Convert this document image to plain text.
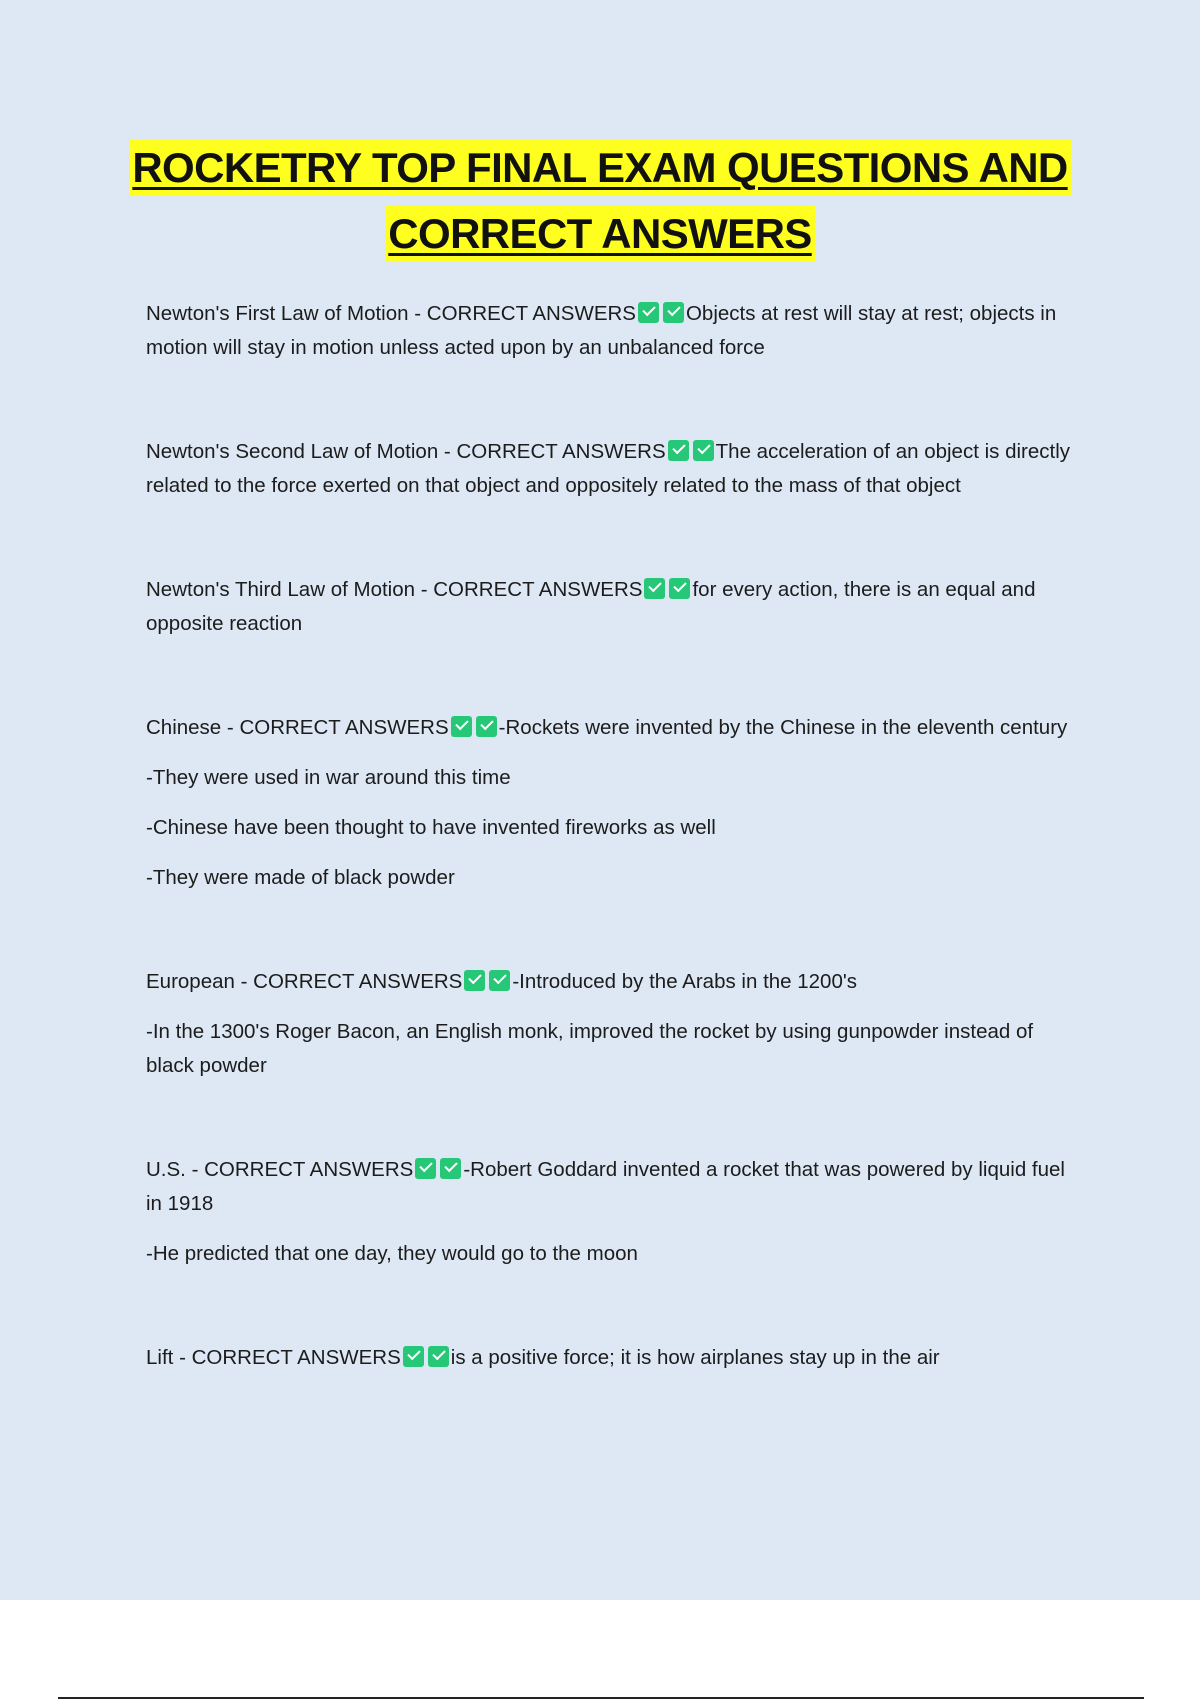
ROCKETRY TOP FINAL EXAM QUESTIONS AND
CORRECT ANSWERS

Newton's First Law of Motion - CORRECT ANSWERS Objects at rest will stay at rest; objects in motion will stay in motion unless acted upon by an unbalanced force

Newton's Second Law of Motion - CORRECT ANSWERS The acceleration of an object is directly related to the force exerted on that object and oppositely related to the mass of that object

Newton's Third Law of Motion - CORRECT ANSWERS for every action, there is an equal and opposite reaction

Chinese - CORRECT ANSWERS -Rockets were invented by the Chinese in the eleventh century

-They were used in war around this time

-Chinese have been thought to have invented fireworks as well

-They were made of black powder

European - CORRECT ANSWERS -Introduced by the Arabs in the 1200's

-In the 1300's Roger Bacon, an English monk, improved the rocket by using gunpowder instead of black powder

U.S. - CORRECT ANSWERS -Robert Goddard invented a rocket that was powered by liquid fuel in 1918

-He predicted that one day, they would go to the moon

Lift - CORRECT ANSWERS is a positive force; it is how airplanes stay up in the air
